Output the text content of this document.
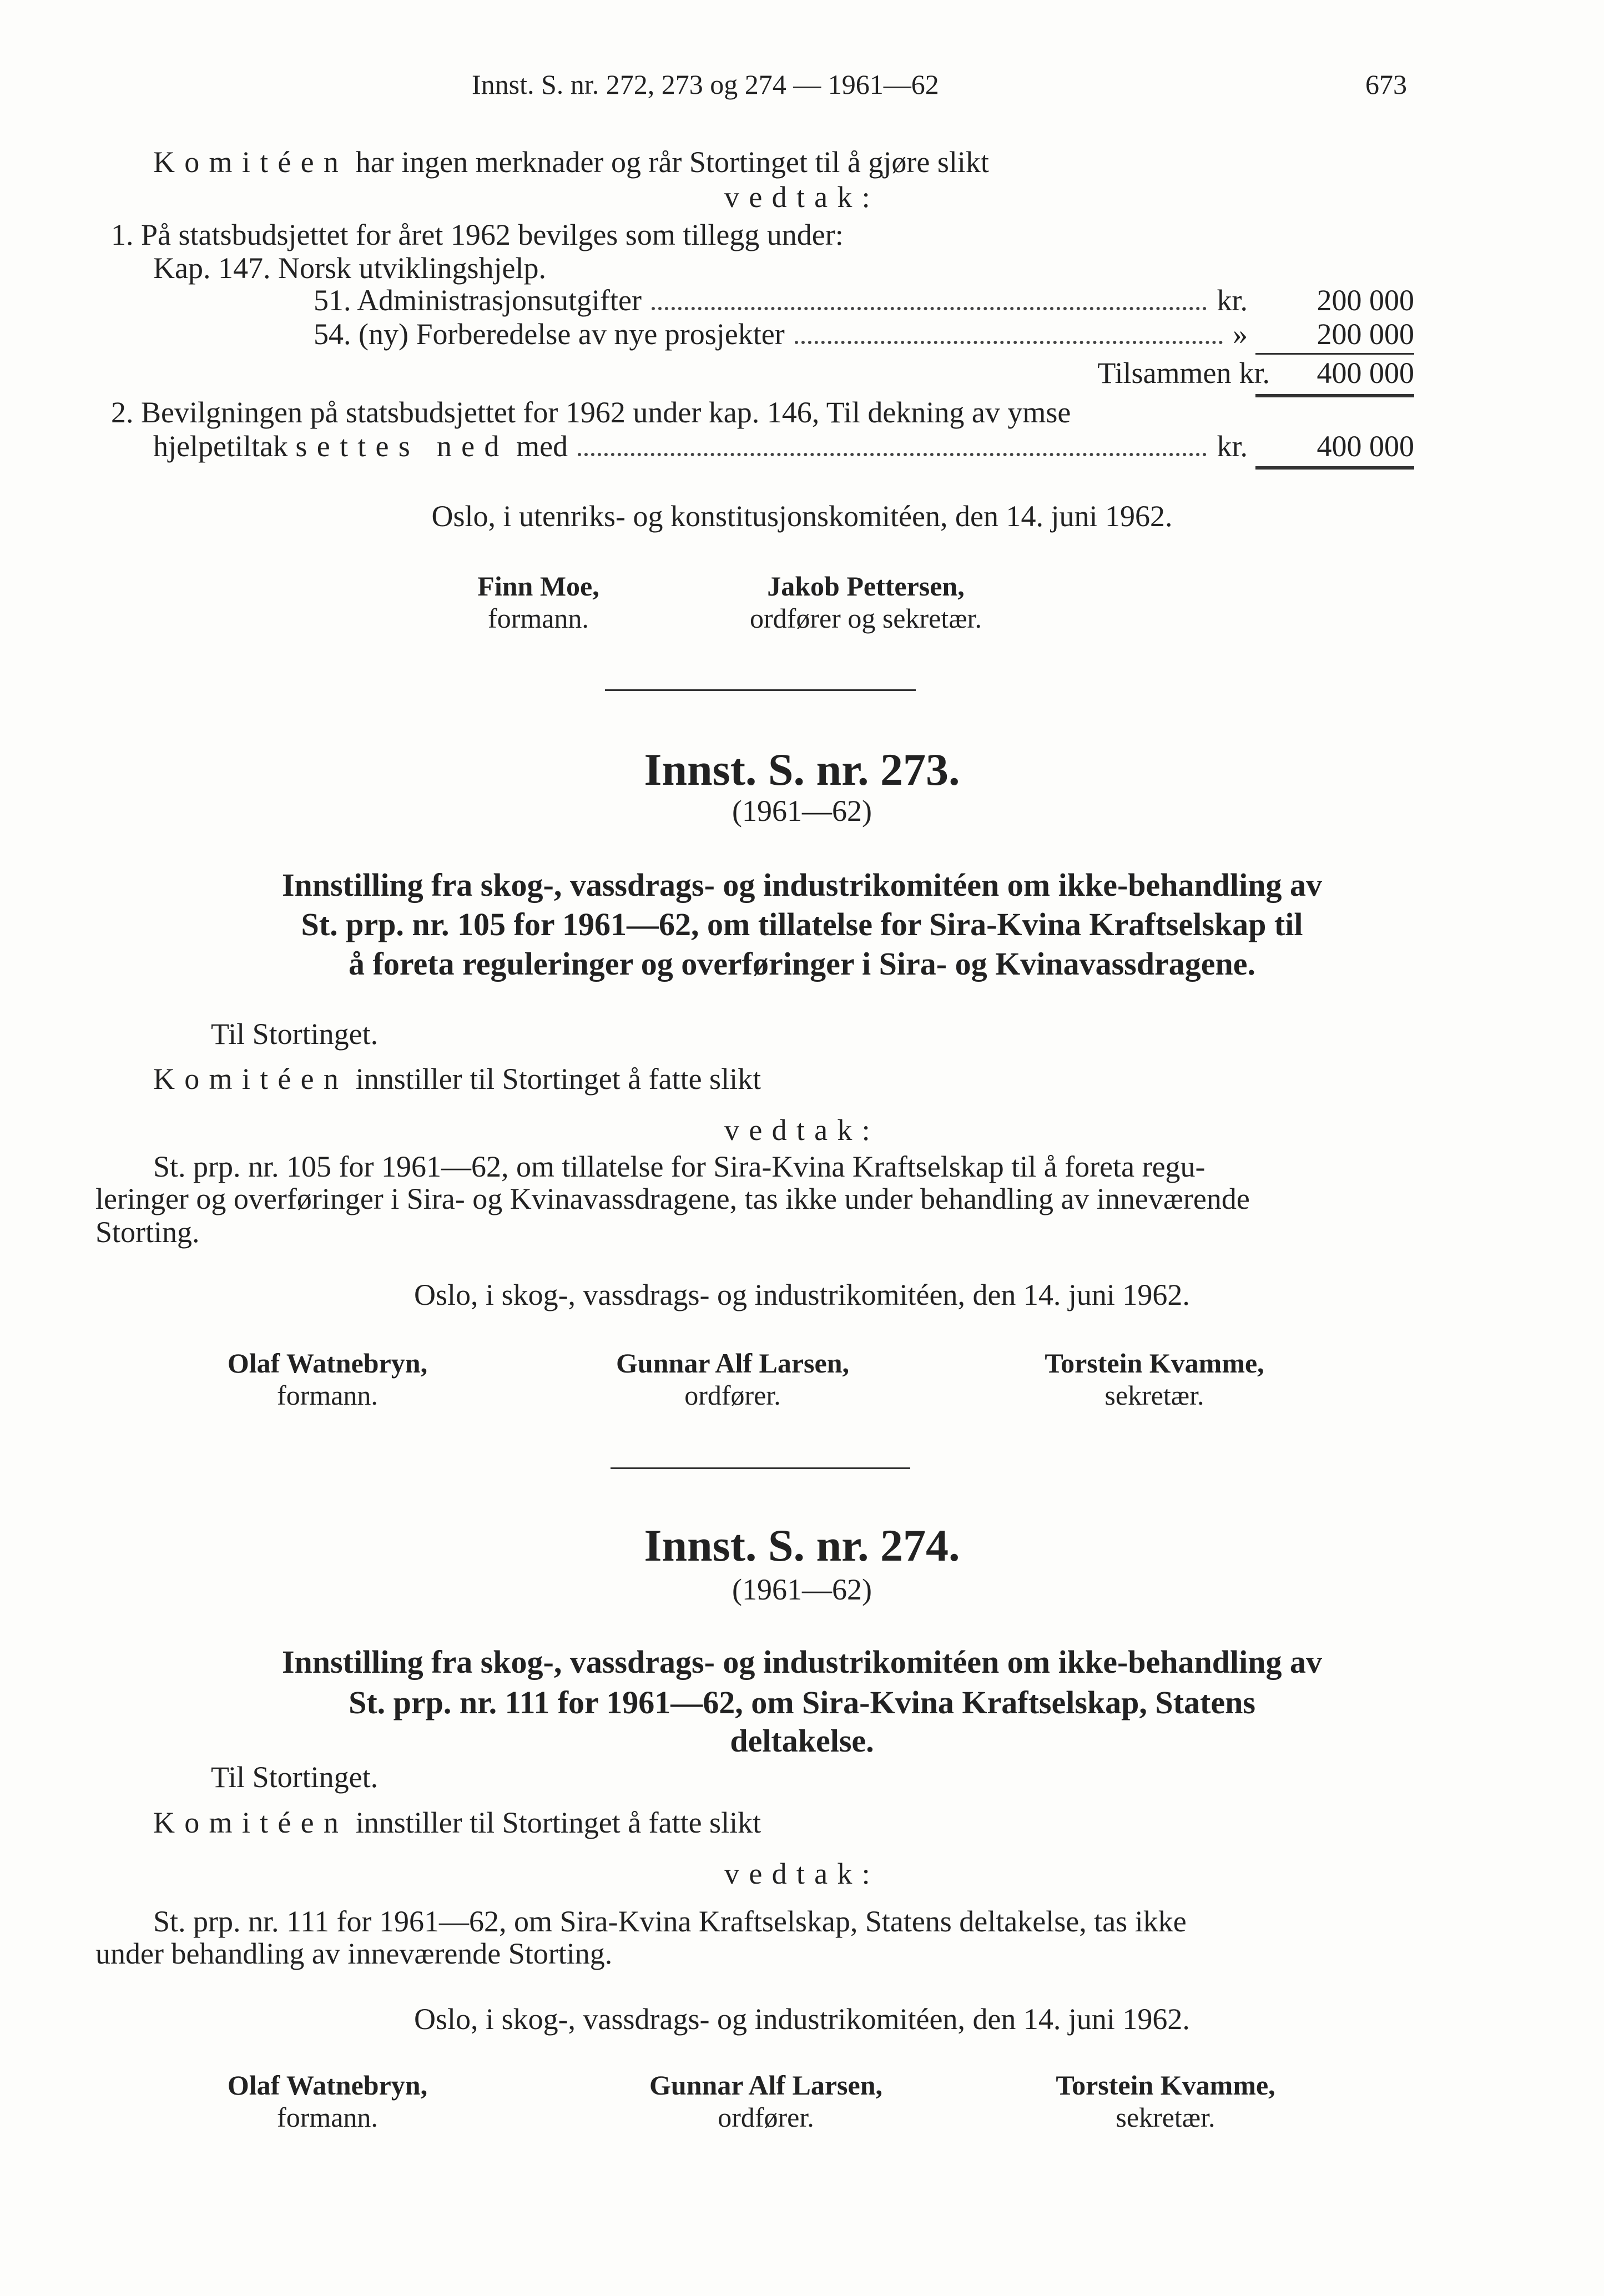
Innst. S. nr. 272, 273 og 274 — 1961—62	673
Komitéen har ingen merknader og rår Stortinget til å gjøre slikt
vedtak:
1. På statsbudsjettet for året 1962 bevilges som tillegg under:
Kap. 147. Norsk utviklingshjelp.
51. Administrasjonsutgifter	kr.	200 000
54. (ny) Forberedelse av nye prosjekter	»	200 000
Tilsammen kr.	400 000
2. Bevilgningen på statsbudsjettet for 1962 under kap. 146, Til dekning av ymse
hjelpetiltak settes ned med	kr.	400 000
Oslo, i utenriks- og konstitusjonskomitéen, den 14. juni 1962.
Finn Moe,
formann.
Jakob Pettersen,
ordfører og sekretær.
Innst. S. nr. 273.
(1961—62)
Innstilling fra skog-, vassdrags- og industrikomitéen om ikke-behandling av
St. prp. nr. 105 for 1961—62, om tillatelse for Sira-Kvina Kraftselskap til
å foreta reguleringer og overføringer i Sira- og Kvinavassdragene.
Til Stortinget.
Komitéen innstiller til Stortinget å fatte slikt
vedtak:
St. prp. nr. 105 for 1961—62, om tillatelse for Sira-Kvina Kraftselskap til å foreta regu-
leringer og overføringer i Sira- og Kvinavassdragene, tas ikke under behandling av inneværende
Storting.
Oslo, i skog-, vassdrags- og industrikomitéen, den 14. juni 1962.
Olaf Watnebryn,
formann.
Gunnar Alf Larsen,
ordfører.
Torstein Kvamme,
sekretær.
Innst. S. nr. 274.
(1961—62)
Innstilling fra skog-, vassdrags- og industrikomitéen om ikke-behandling av
St. prp. nr. 111 for 1961—62, om Sira-Kvina Kraftselskap, Statens
deltakelse.
Til Stortinget.
Komitéen innstiller til Stortinget å fatte slikt
vedtak:
St. prp. nr. 111 for 1961—62, om Sira-Kvina Kraftselskap, Statens deltakelse, tas ikke
under behandling av inneværende Storting.
Oslo, i skog-, vassdrags- og industrikomitéen, den 14. juni 1962.
Olaf Watnebryn,
formann.
Gunnar Alf Larsen,
ordfører.
Torstein Kvamme,
sekretær.
